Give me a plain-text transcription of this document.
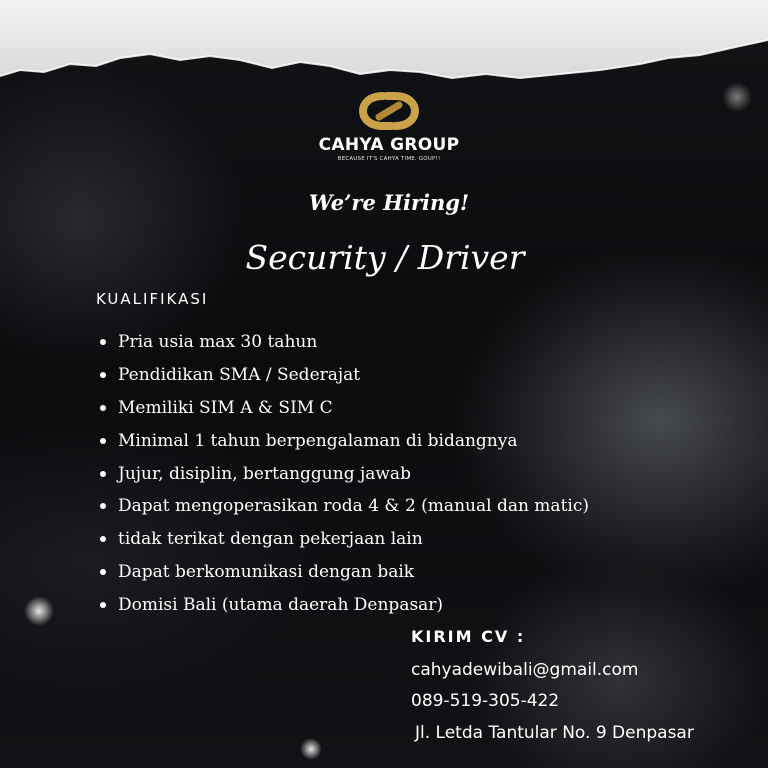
CAHYA GROUP
BECAUSE IT'S CAHYA TIME. GOUP!!
We’re Hiring!
Security / Driver
KUALIFIKASI
Pria usia max 30 tahun
Pendidikan SMA / Sederajat
Memiliki SIM A & SIM C
Minimal 1 tahun berpengalaman di bidangnya
Jujur, disiplin, bertanggung jawab
Dapat mengoperasikan roda 4 & 2 (manual dan matic)
tidak terikat dengan pekerjaan lain
Dapat berkomunikasi dengan baik
Domisi Bali (utama daerah Denpasar)
KIRIM CV :
cahyadewibali@gmail.com
089-519-305-422
Jl. Letda Tantular No. 9 Denpasar
